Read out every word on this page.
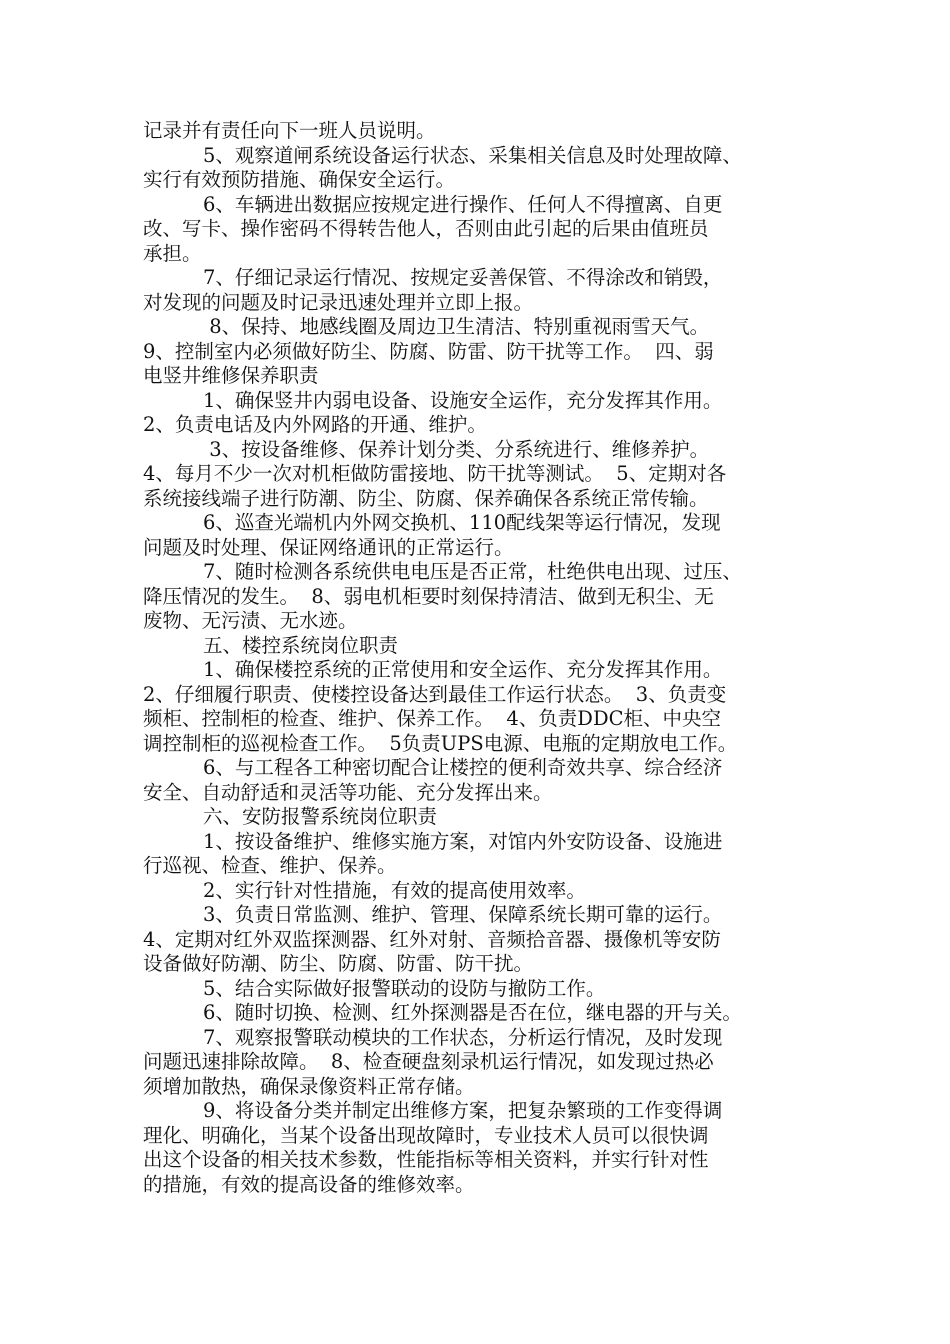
记录并有责任向下一班人员说明。
5、观察道闸系统设备运行状态、采集相关信息及时处理故障、
实行有效预防措施、确保安全运行。
6、车辆进出数据应按规定进行操作、任何人不得擅离、自更
改、写卡、操作密码不得转告他人，否则由此引起的后果由值班员
承担。
7、仔细记录运行情况、按规定妥善保管、不得涂改和销毁，
对发现的问题及时记录迅速处理并立即上报。
8、保持、地感线圈及周边卫生清洁、特别重视雨雪天气。
9、控制室内必须做好防尘、防腐、防雷、防干扰等工作。  四、弱
电竖井维修保养职责
1、确保竖井内弱电设备、设施安全运作，充分发挥其作用。
2、负责电话及内外网路的开通、维护。
3、按设备维修、保养计划分类、分系统进行、维修养护。
4、每月不少一次对机柜做防雷接地、防干扰等测试。  5、定期对各
系统接线端子进行防潮、防尘、防腐、保养确保各系统正常传输。
6、巡查光端机内外网交换机、110配线架等运行情况，发现
问题及时处理、保证网络通讯的正常运行。
7、随时检测各系统供电电压是否正常，杜绝供电出现、过压、
降压情况的发生。  8、弱电机柜要时刻保持清洁、做到无积尘、无
废物、无污渍、无水迹。
五、楼控系统岗位职责
1、确保楼控系统的正常使用和安全运作、充分发挥其作用。
2、仔细履行职责、使楼控设备达到最佳工作运行状态。  3、负责变
频柜、控制柜的检查、维护、保养工作。  4、负责DDC柜、中央空
调控制柜的巡视检查工作。  5负责UPS电源、电瓶的定期放电工作。
6、与工程各工种密切配合让楼控的便利奇效共享、综合经济
安全、自动舒适和灵活等功能、充分发挥出来。
六、安防报警系统岗位职责
1、按设备维护、维修实施方案，对馆内外安防设备、设施进
行巡视、检查、维护、保养。
2、实行针对性措施，有效的提高使用效率。
3、负责日常监测、维护、管理、保障系统长期可靠的运行。
4、定期对红外双监探测器、红外对射、音频拾音器、摄像机等安防
设备做好防潮、防尘、防腐、防雷、防干扰。
5、结合实际做好报警联动的设防与撤防工作。
6、随时切换、检测、红外探测器是否在位，继电器的开与关。
7、观察报警联动模块的工作状态，分析运行情况，及时发现
问题迅速排除故障。  8、检查硬盘刻录机运行情况，如发现过热必
须增加散热，确保录像资料正常存储。
9、将设备分类并制定出维修方案，把复杂繁琐的工作变得调
理化、明确化，当某个设备出现故障时，专业技术人员可以很快调
出这个设备的相关技术参数，性能指标等相关资料，并实行针对性
的措施，有效的提高设备的维修效率。
